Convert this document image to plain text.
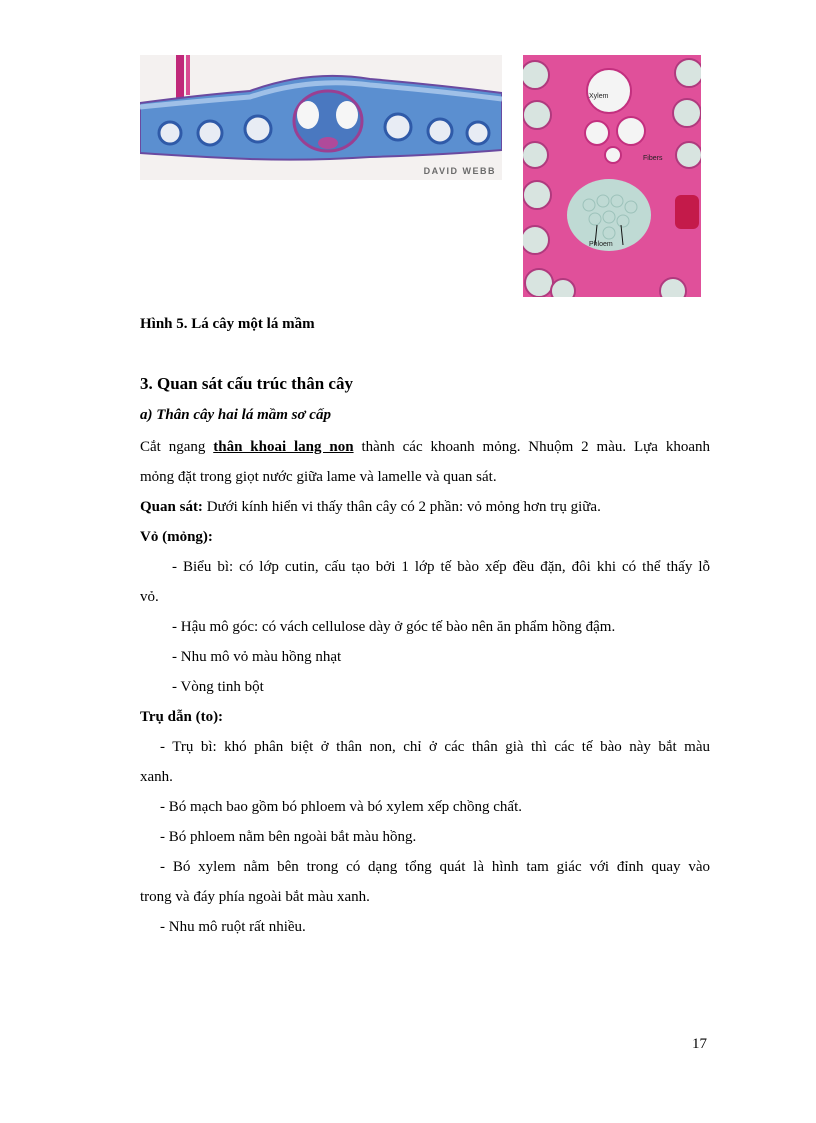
DAVID WEBB
Xylem
Fibers
Phloem
Hình 5. Lá cây một lá mầm
3. Quan sát cấu trúc thân cây
a) Thân cây hai lá mầm sơ cấp
Cắt ngang thân khoai lang non thành các khoanh mỏng. Nhuộm 2 màu. Lựa khoanh
mỏng đặt trong giọt nước giữa lame và lamelle và quan sát.
Quan sát: Dưới kính hiển vi thấy thân cây có 2 phần: vỏ mỏng hơn trụ giữa.
Vỏ (mỏng):
- Biểu bì: có lớp cutin, cấu tạo bởi 1 lớp tế bào xếp đều đặn, đôi khi có thể thấy lỗ
vỏ.
- Hậu mô góc: có vách cellulose dày ở góc tế bào nên ăn phẩm hồng đậm.
- Nhu mô vỏ màu hồng nhạt
- Vòng tinh bột
Trụ dẫn (to):
- Trụ bì: khó phân biệt ở thân non, chỉ ở các thân già thì các tế bào này bắt màu
xanh.
- Bó mạch bao gồm bó phloem và bó xylem xếp chồng chất.
- Bó phloem nằm bên ngoài bắt màu hồng.
- Bó xylem nằm bên trong có dạng tổng quát là hình tam giác với đỉnh quay vào
trong và đáy phía ngoài bắt màu xanh.
- Nhu mô ruột rất nhiều.
17
